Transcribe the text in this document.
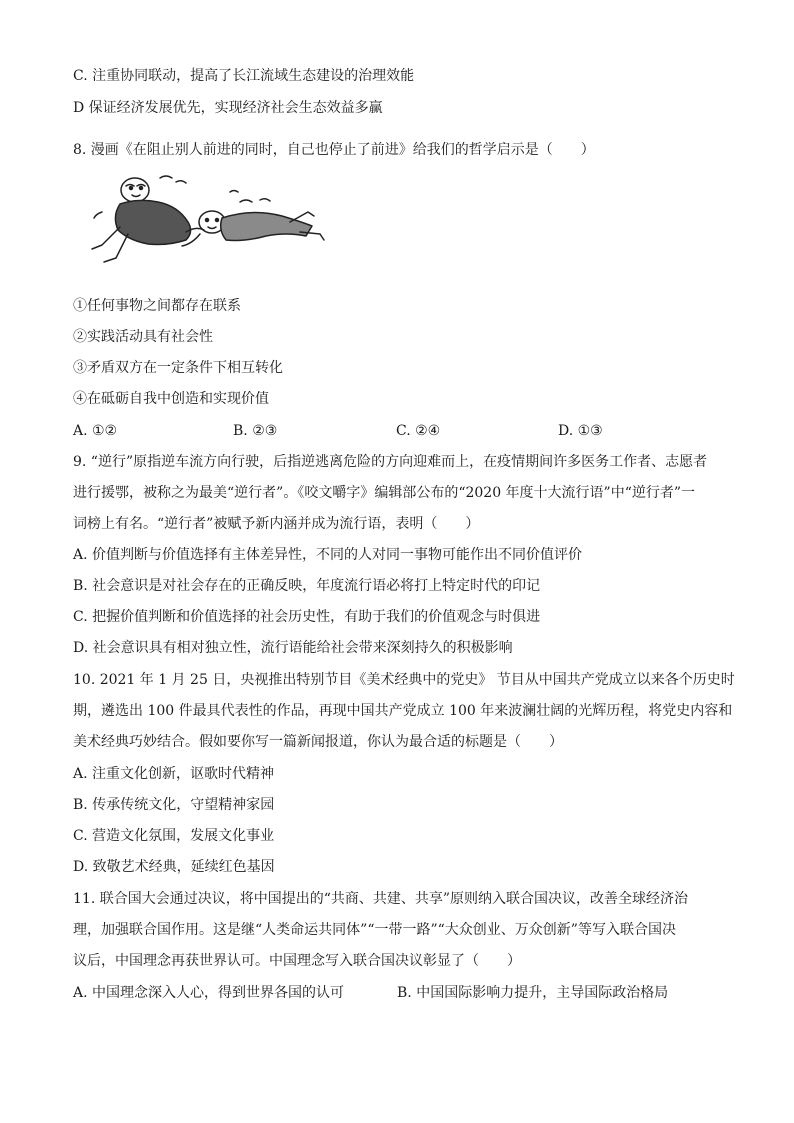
C. 注重协同联动，提高了长江流域生态建设的治理效能
D 保证经济发展优先，实现经济社会生态效益多赢
8. 漫画《在阻止别人前进的同时，自己也停止了前进》给我们的哲学启示是（　　）
①任何事物之间都存在联系
②实践活动具有社会性
③矛盾双方在一定条件下相互转化
④在砥砺自我中创造和实现价值
A. ①②	B. ②③	C. ②④	D. ①③
9. “逆行”原指逆车流方向行驶，后指逆逃离危险的方向迎难而上，在疫情期间许多医务工作者、志愿者
进行援鄂，被称之为最美“逆行者”。《咬文嚼字》编辑部公布的“2020 年度十大流行语”中“逆行者”一
词榜上有名。“逆行者”被赋予新内涵并成为流行语，表明（　　）
A. 价值判断与价值选择有主体差异性，不同的人对同一事物可能作出不同价值评价
B. 社会意识是对社会存在的正确反映，年度流行语必将打上特定时代的印记
C. 把握价值判断和价值选择的社会历史性，有助于我们的价值观念与时俱进
D. 社会意识具有相对独立性，流行语能给社会带来深刻持久的积极影响
10. 2021 年 1 月 25 日，央视推出特别节目《美术经典中的党史》 节目从中国共产党成立以来各个历史时
期，遴选出 100 件最具代表性的作品，再现中国共产党成立 100 年来波澜壮阔的光辉历程，将党史内容和
美术经典巧妙结合。假如要你写一篇新闻报道，你认为最合适的标题是（　　）
A. 注重文化创新，讴歌时代精神
B. 传承传统文化，守望精神家园
C. 营造文化氛围，发展文化事业
D. 致敬艺术经典，延续红色基因
11. 联合国大会通过决议，将中国提出的“共商、共建、共享”原则纳入联合国决议，改善全球经济治
理，加强联合国作用。这是继“人类命运共同体”“一带一路”“大众创业、万众创新”等写入联合国决
议后，中国理念再获世界认可。中国理念写入联合国决议彰显了（　　）
A. 中国理念深入人心，得到世界各国的认可	B. 中国国际影响力提升，主导国际政治格局
